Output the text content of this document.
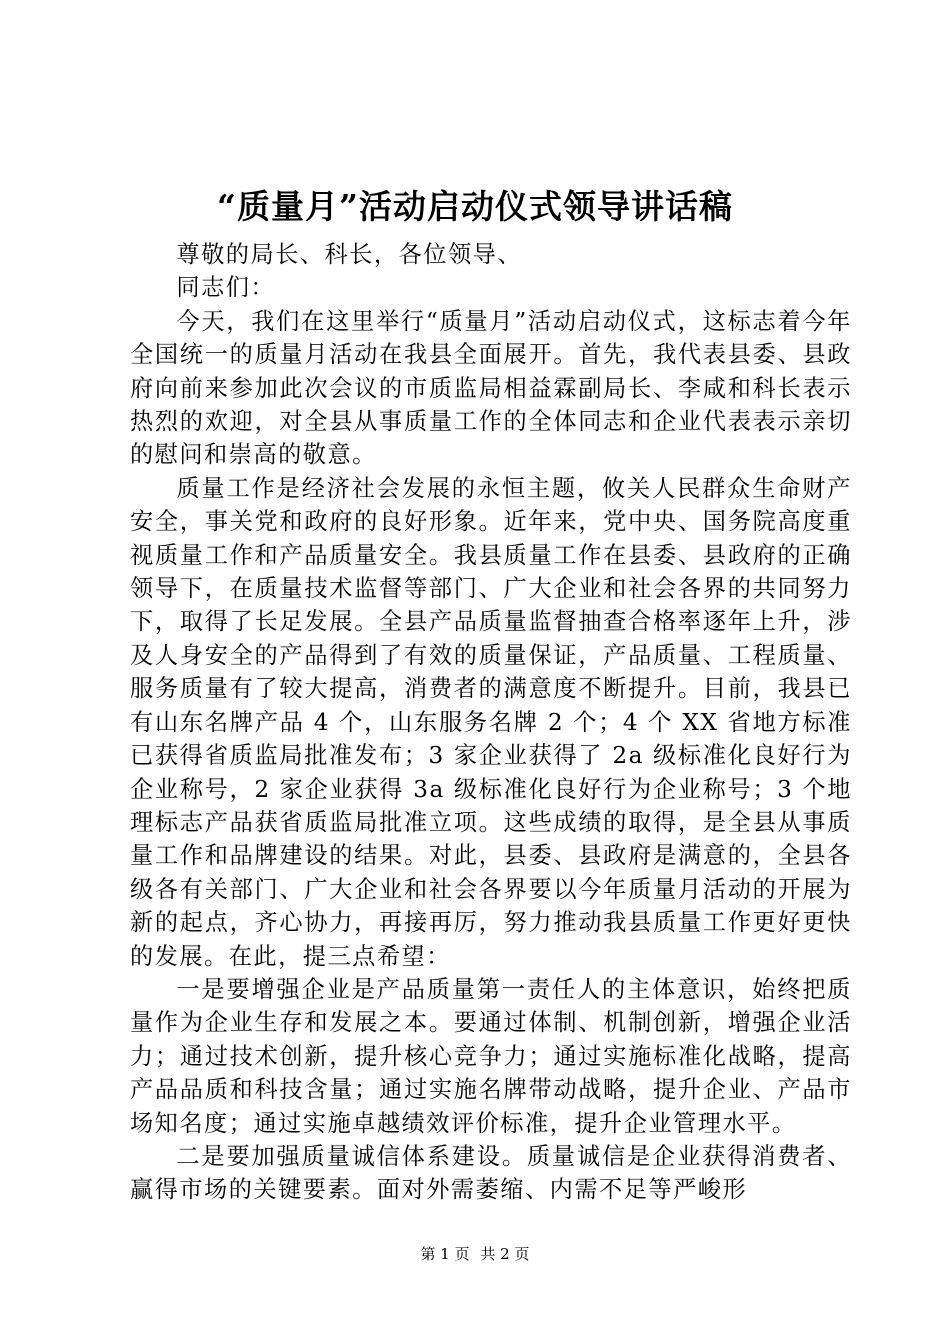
“质量月”活动启动仪式领导讲话稿

尊敬的局长、科长，各位领导、

同志们：

今天，我们在这里举行“质量月”活动启动仪式，这标志着今年全国统一的质量月活动在我县全面展开。首先，我代表县委、县政府向前来参加此次会议的市质监局相益霖副局长、李咸和科长表示热烈的欢迎，对全县从事质量工作的全体同志和企业代表表示亲切的慰问和崇高的敬意。

质量工作是经济社会发展的永恒主题，攸关人民群众生命财产安全，事关党和政府的良好形象。近年来，党中央、国务院高度重视质量工作和产品质量安全。我县质量工作在县委、县政府的正确领导下，在质量技术监督等部门、广大企业和社会各界的共同努力下，取得了长足发展。全县产品质量监督抽查合格率逐年上升，涉及人身安全的产品得到了有效的质量保证，产品质量、工程质量、服务质量有了较大提高，消费者的满意度不断提升。目前，我县已有山东名牌产品 4 个，山东服务名牌 2 个；4 个 XX 省地方标准已获得省质监局批准发布；3 家企业获得了 2a 级标准化良好行为企业称号，2 家企业获得 3a 级标准化良好行为企业称号；3 个地理标志产品获省质监局批准立项。这些成绩的取得，是全县从事质量工作和品牌建设的结果。对此，县委、县政府是满意的，全县各级各有关部门、广大企业和社会各界要以今年质量月活动的开展为新的起点，齐心协力，再接再厉，努力推动我县质量工作更好更快的发展。在此，提三点希望：

一是要增强企业是产品质量第一责任人的主体意识，始终把质量作为企业生存和发展之本。要通过体制、机制创新，增强企业活力；通过技术创新，提升核心竞争力；通过实施标准化战略，提高产品品质和科技含量；通过实施名牌带动战略，提升企业、产品市场知名度；通过实施卓越绩效评价标准，提升企业管理水平。

二是要加强质量诚信体系建设。质量诚信是企业获得消费者、赢得市场的关键要素。面对外需萎缩、内需不足等严峻形

第 1 页 共 2 页
